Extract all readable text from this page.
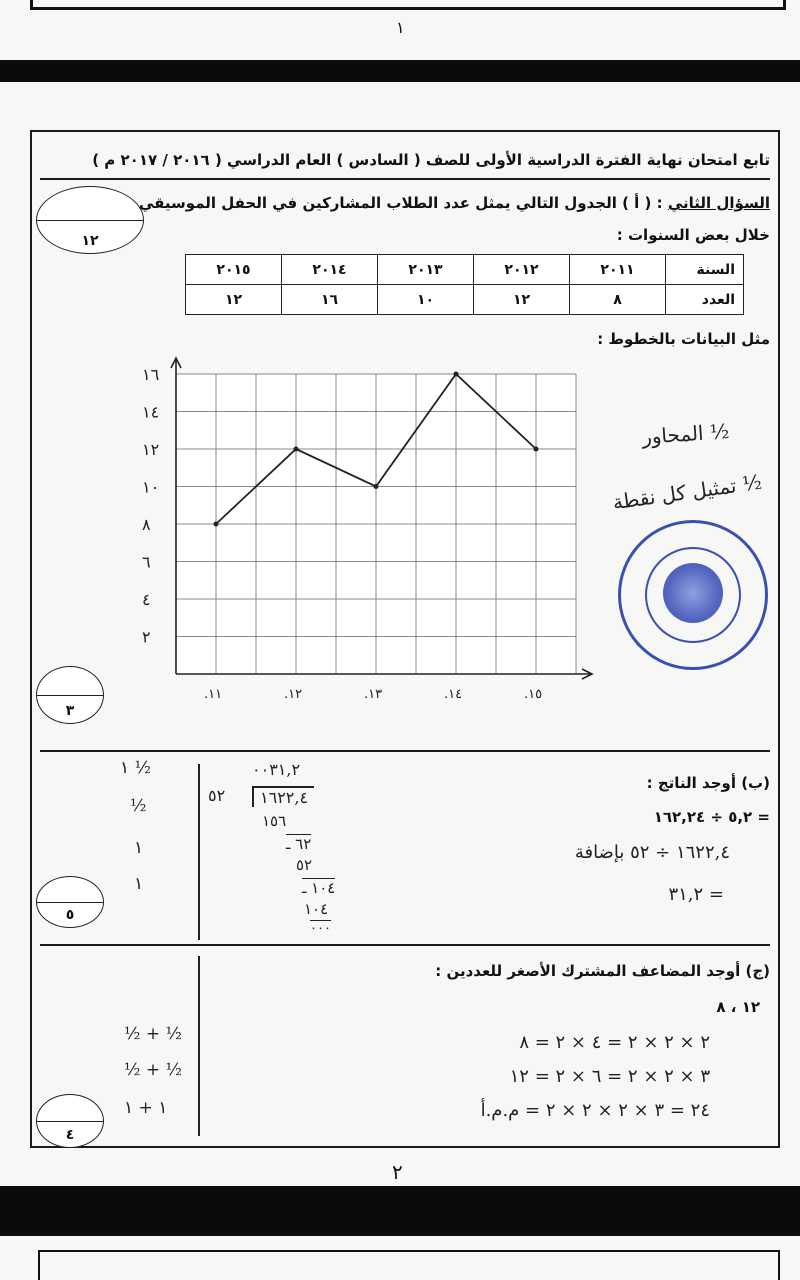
١
تابع امتحان نهاية الفترة الدراسية الأولى للصف ( السادس ) العام الدراسي ( ٢٠١٦ / ٢٠١٧ م )
السؤال الثاني : ( أ ) الجدول التالي يمثل عدد الطلاب المشاركين في الحفل الموسيقي
خلال بعض السنوات :
١٢
السنة	٢٠١١	٢٠١٢	٢٠١٣	٢٠١٤	٢٠١٥
العدد	٨	١٢	١٠	١٦	١٢
مثل البيانات بالخطوط :
٢
٤
٦
٨
١٠
١٢
١٤
١٦
.١١	.١٢	.١٣	.١٤	.١٥
المحاور ½
تمثيل كل نقطة ½
٣
(ب) أوجد الناتج :
= ٥,٢ ÷ ١٦٢,٢٤
١٦٢٢,٤ ÷ ٥٢ بإضافة
= ٣١,٢
٠٠٣١,٢
٥٢	١٦٢٢,٤
١٥٦
٦٢ ـ
٥٢
١٠٤ ـ
١٠٤
٠٠٠
١ ½
½
١
١
٥
(ج) أوجد المضاعف المشترك الأصغر للعددين :
١٢ ، ٨
٢ × ٢ × ٢ = ٤ × ٢ = ٨
٣ × ٢ × ٢ = ٦ × ٢ = ١٢
٢٤ = ٣ × ٢ × ٢ × ٢ = م.م.أ
½ + ½
½ + ½
١ + ١
٤
٢
